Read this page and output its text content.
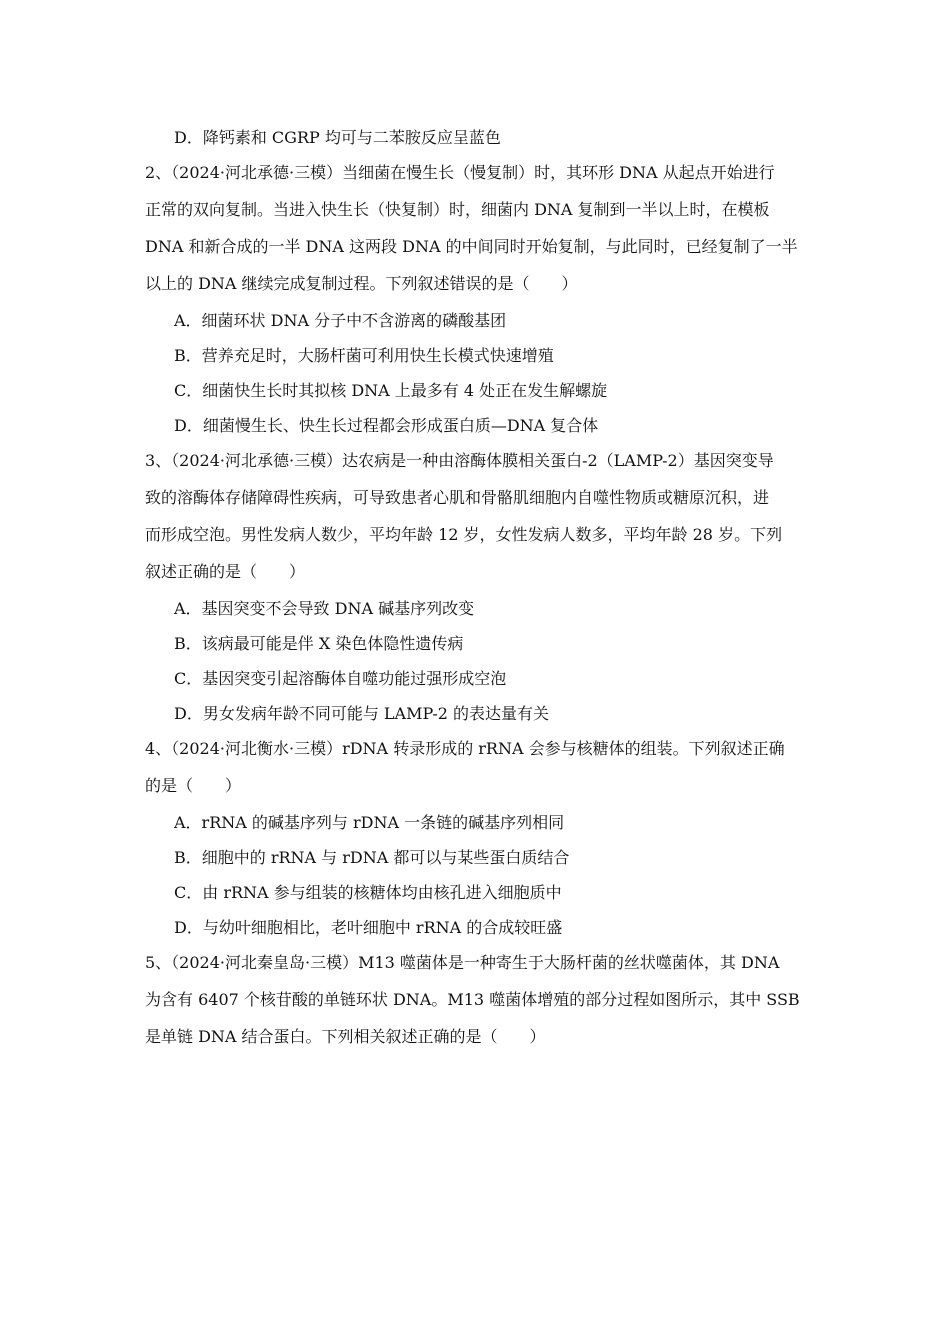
D．降钙素和 CGRP 均可与二苯胺反应呈蓝色
2、（2024·河北承德·三模）当细菌在慢生长（慢复制）时，其环形 DNA 从起点开始进行
正常的双向复制。当进入快生长（快复制）时，细菌内 DNA 复制到一半以上时，在模板
DNA 和新合成的一半 DNA 这两段 DNA 的中间同时开始复制，与此同时，已经复制了一半
以上的 DNA 继续完成复制过程。下列叙述错误的是（　　）
A．细菌环状 DNA 分子中不含游离的磷酸基团
B．营养充足时，大肠杆菌可利用快生长模式快速增殖
C．细菌快生长时其拟核 DNA 上最多有 4 处正在发生解螺旋
D．细菌慢生长、快生长过程都会形成蛋白质—DNA 复合体
3、（2024·河北承德·三模）达农病是一种由溶酶体膜相关蛋白-2（LAMP-2）基因突变导
致的溶酶体存储障碍性疾病，可导致患者心肌和骨骼肌细胞内自噬性物质或糖原沉积，进
而形成空泡。男性发病人数少，平均年龄 12 岁，女性发病人数多，平均年龄 28 岁。下列
叙述正确的是（　　）
A．基因突变不会导致 DNA 碱基序列改变
B．该病最可能是伴 X 染色体隐性遗传病
C．基因突变引起溶酶体自噬功能过强形成空泡
D．男女发病年龄不同可能与 LAMP-2 的表达量有关
4、（2024·河北衡水·三模）rDNA 转录形成的 rRNA 会参与核糖体的组装。下列叙述正确
的是（　　）
A．rRNA 的碱基序列与 rDNA 一条链的碱基序列相同
B．细胞中的 rRNA 与 rDNA 都可以与某些蛋白质结合
C．由 rRNA 参与组装的核糖体均由核孔进入细胞质中
D．与幼叶细胞相比，老叶细胞中 rRNA 的合成较旺盛
5、（2024·河北秦皇岛·三模）M13 噬菌体是一种寄生于大肠杆菌的丝状噬菌体，其 DNA
为含有 6407 个核苷酸的单链环状 DNA。M13 噬菌体增殖的部分过程如图所示，其中 SSB
是单链 DNA 结合蛋白。下列相关叙述正确的是（　　）
